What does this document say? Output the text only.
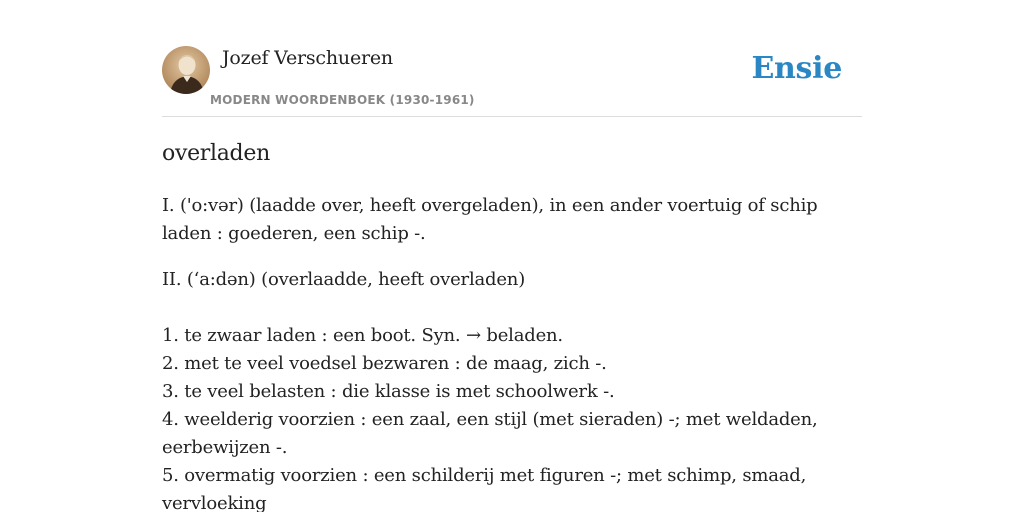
Jozef Verschueren
MODERN WOORDENBOEK (1930-1961)
Ensie
overladen

I. ('o:vər) (laadde over, heeft overgeladen), in een ander voertuig of schip laden : goederen, een schip -.

II. (ʻa:dən) (overlaadde, heeft overladen)

1. te zwaar laden : een boot. Syn. → beladen.
2. met te veel voedsel bezwaren : de maag, zich -.
3. te veel belasten : die klasse is met schoolwerk -.
4. weelderig voorzien : een zaal, een stijl (met sieraden) -; met weldaden, eerbewijzen -.
5. overmatig voorzien : een schilderij met figuren -; met schimp, smaad, vervloeking
